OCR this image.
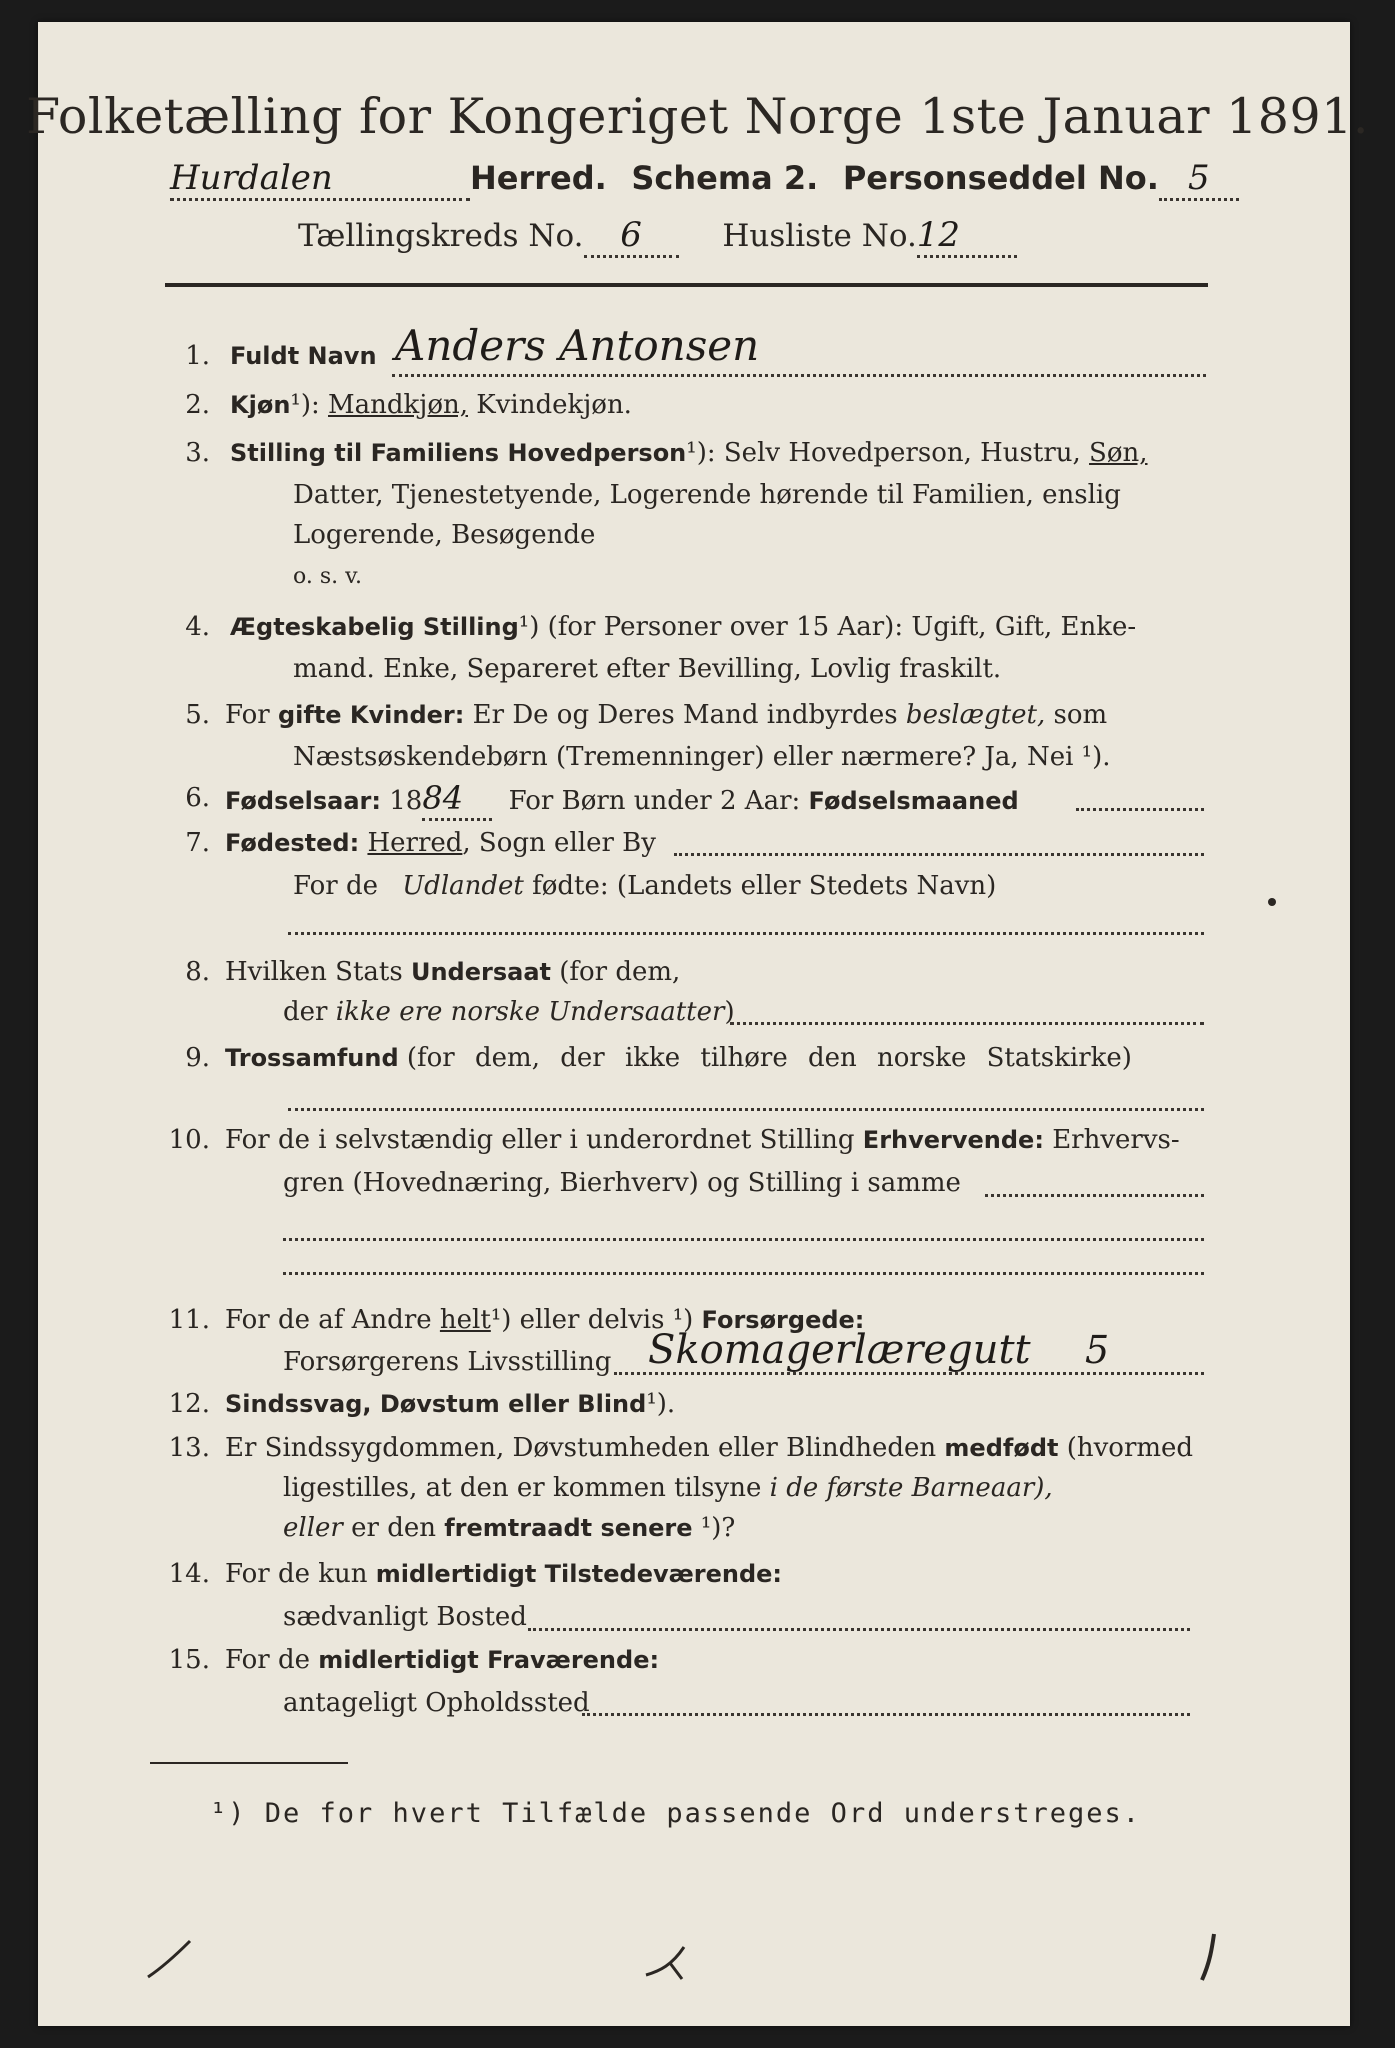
Folketælling for Kongeriget Norge 1ste Januar 1891.
Hurdalen	Herred. Schema 2. Personseddel No. 5
Tællingskreds No. 6	Husliste No.12
1. Fuldt Navn Anders Antonsen
2. Kjøn¹): Mandkjøn, Kvindekjøn.
3. Stilling til Familiens Hovedperson¹): Selv Hovedperson, Hustru, Søn,
Datter, Tjenestetyende, Logerende hørende til Familien, enslig
Logerende, Besøgende
o. s. v.
4. Ægteskabelig Stilling¹) (for Personer over 15 Aar): Ugift, Gift, Enke-
mand. Enke, Separeret efter Bevilling, Lovlig fraskilt.
5. For gifte Kvinder: Er De og Deres Mand indbyrdes beslægtet, som
Næstsøskendebørn (Tremenninger) eller nærmere? Ja, Nei ¹).
6. Fødselsaar: 1884 For Børn under 2 Aar: Fødselsmaaned
7. Fødested: Herred, Sogn eller By
For de Udlandet fødte: (Landets eller Stedets Navn)
8. Hvilken Stats Undersaat (for dem,
der ikke ere norske Undersaatter)
9. Trossamfund (for dem, der ikke tilhøre den norske Statskirke)
10. For de i selvstændig eller i underordnet Stilling Erhvervende: Erhvervs-
gren (Hovednæring, Bierhverv) og Stilling i samme
11. For de af Andre helt¹) eller delvis ¹) Forsørgede:
Forsørgerens Livsstilling Skomagerlæregutt 5
12. Sindssvag, Døvstum eller Blind¹).
13. Er Sindssygdommen, Døvstumheden eller Blindheden medfødt (hvormed
ligestilles, at den er kommen tilsyne i de første Barneaar),
eller er den fremtraadt senere ¹)?
14. For de kun midlertidigt Tilstedeværende:
sædvanligt Bosted
15. For de midlertidigt Fraværende:
antageligt Opholdssted
¹) De for hvert Tilfælde passende Ord understreges.
